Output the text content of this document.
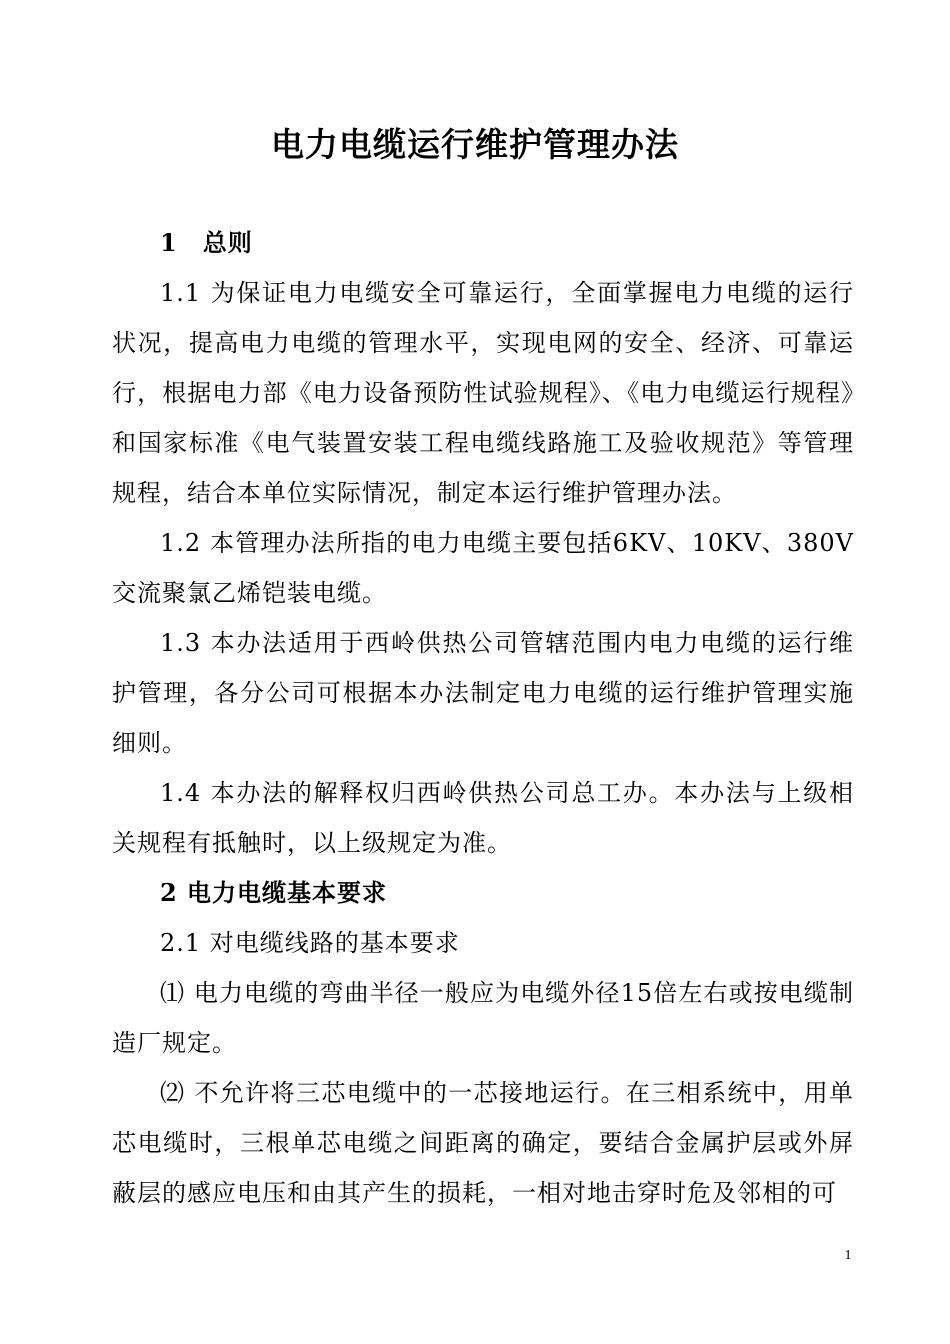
电力电缆运行维护管理办法

1　总则

1.1 为保证电力电缆安全可靠运行，全面掌握电力电缆的运行状况，提高电力电缆的管理水平，实现电网的安全、经济、可靠运行，根据电力部《电力设备预防性试验规程》、《电力电缆运行规程》和国家标准《电气装置安装工程电缆线路施工及验收规范》等管理规程，结合本单位实际情况，制定本运行维护管理办法。

1.2 本管理办法所指的电力电缆主要包括6KV、10KV、380V交流聚氯乙烯铠装电缆。

1.3 本办法适用于西岭供热公司管辖范围内电力电缆的运行维护管理，各分公司可根据本办法制定电力电缆的运行维护管理实施细则。

1.4 本办法的解释权归西岭供热公司总工办。本办法与上级相关规程有抵触时，以上级规定为准。

2 电力电缆基本要求

2.1 对电缆线路的基本要求

⑴ 电力电缆的弯曲半径一般应为电缆外径15倍左右或按电缆制造厂规定。

⑵ 不允许将三芯电缆中的一芯接地运行。在三相系统中，用单芯电缆时，三根单芯电缆之间距离的确定，要结合金属护层或外屏蔽层的感应电压和由其产生的损耗，一相对地击穿时危及邻相的可

1
